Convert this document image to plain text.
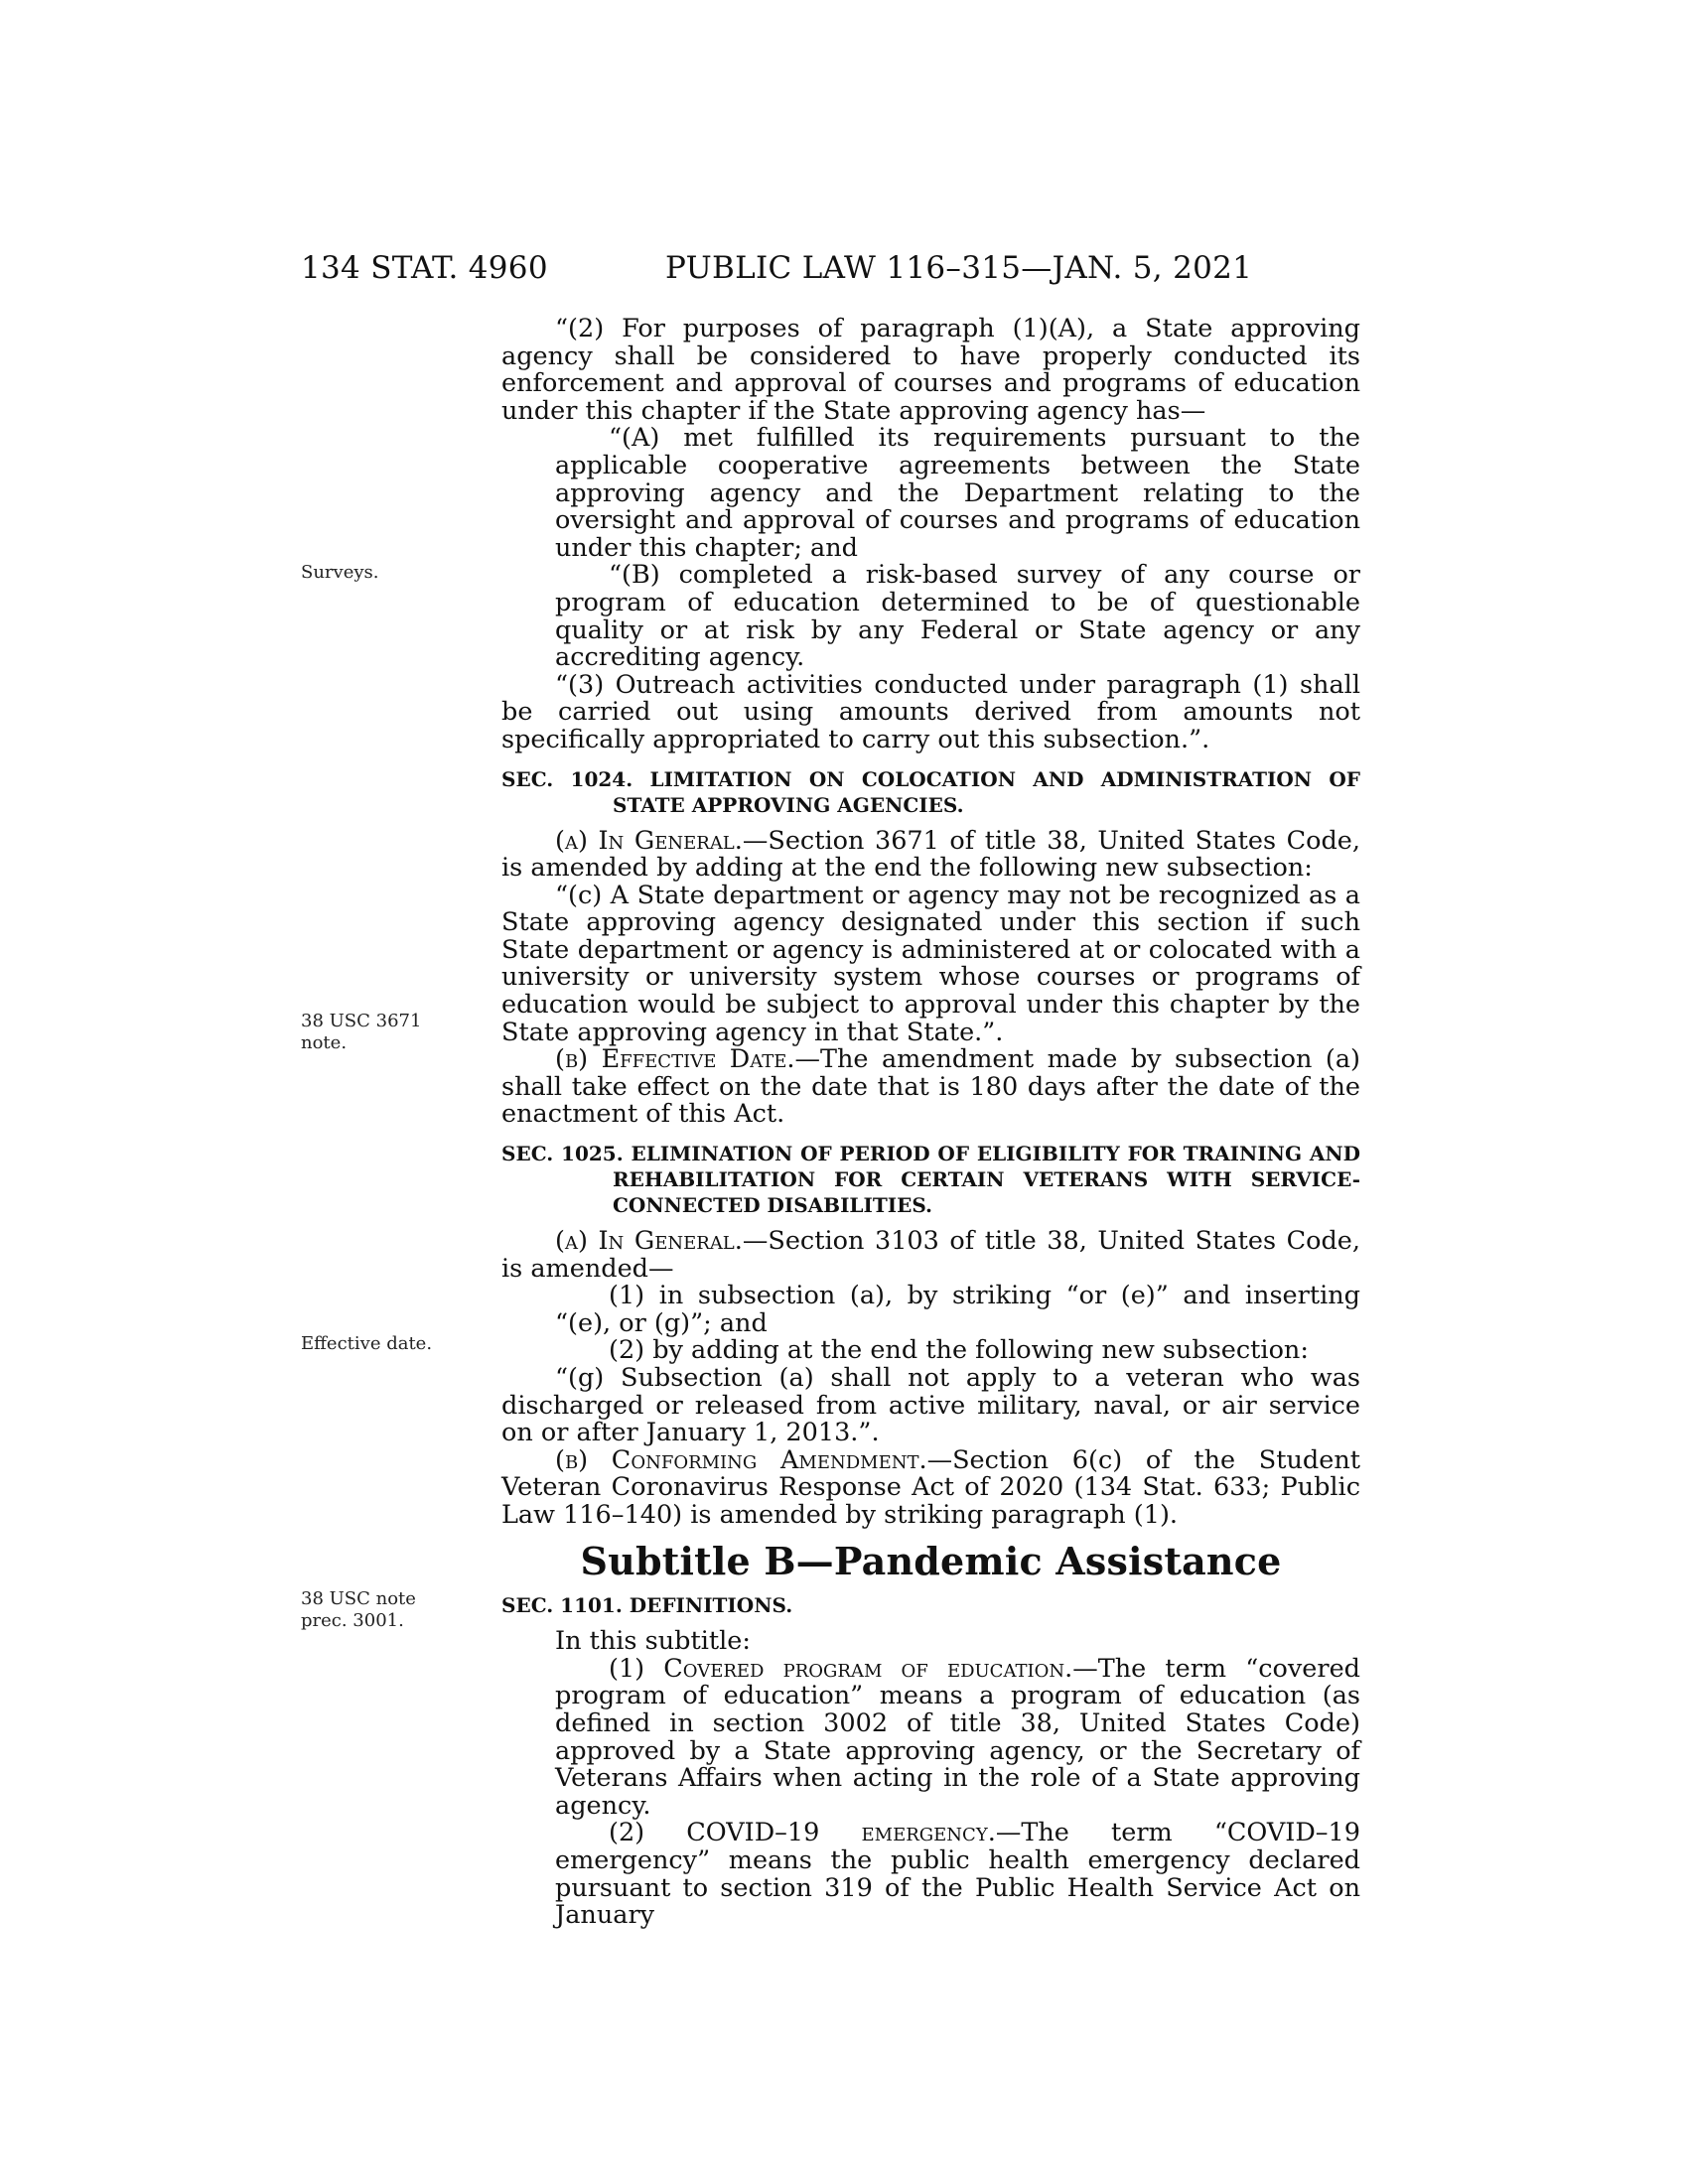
134 STAT. 4960	PUBLIC LAW 116–315—JAN. 5, 2021
Surveys.
38 USC 3671
note.
Effective date.
38 USC note
prec. 3001.

“(2) For purposes of paragraph (1)(A), a State approving agency shall be considered to have properly conducted its enforcement and approval of courses and programs of education under this chapter if the State approving agency has—

“(A) met fulfilled its requirements pursuant to the applicable cooperative agreements between the State approving agency and the Department relating to the oversight and approval of courses and programs of education under this chapter; and

“(B) completed a risk-based survey of any course or program of education determined to be of questionable quality or at risk by any Federal or State agency or any accrediting agency.

“(3) Outreach activities conducted under paragraph (1) shall be carried out using amounts derived from amounts not specifically appropriated to carry out this subsection.”.

SEC. 1024. LIMITATION ON COLOCATION AND ADMINISTRATION OF STATE APPROVING AGENCIES.

(a) In General.—Section 3671 of title 38, United States Code, is amended by adding at the end the following new subsection:

“(c) A State department or agency may not be recognized as a State approving agency designated under this section if such State department or agency is administered at or colocated with a university or university system whose courses or programs of education would be subject to approval under this chapter by the State approving agency in that State.”.

(b) Effective Date.—The amendment made by subsection (a) shall take effect on the date that is 180 days after the date of the enactment of this Act.

SEC. 1025. ELIMINATION OF PERIOD OF ELIGIBILITY FOR TRAINING AND REHABILITATION FOR CERTAIN VETERANS WITH SERVICE-CONNECTED DISABILITIES.

(a) In General.—Section 3103 of title 38, United States Code, is amended—

(1) in subsection (a), by striking “or (e)” and inserting “(e), or (g)”; and

(2) by adding at the end the following new subsection:

“(g) Subsection (a) shall not apply to a veteran who was discharged or released from active military, naval, or air service on or after January 1, 2013.”.

(b) Conforming Amendment.—Section 6(c) of the Student Veteran Coronavirus Response Act of 2020 (134 Stat. 633; Public Law 116–140) is amended by striking paragraph (1).

Subtitle B—Pandemic Assistance
SEC. 1101. DEFINITIONS.

In this subtitle:

(1) Covered program of education.—The term “covered program of education” means a program of education (as defined in section 3002 of title 38, United States Code) approved by a State approving agency, or the Secretary of Veterans Affairs when acting in the role of a State approving agency.

(2) COVID–19 emergency.—The term “COVID–19 emergency” means the public health emergency declared pursuant to section 319 of the Public Health Service Act on January
